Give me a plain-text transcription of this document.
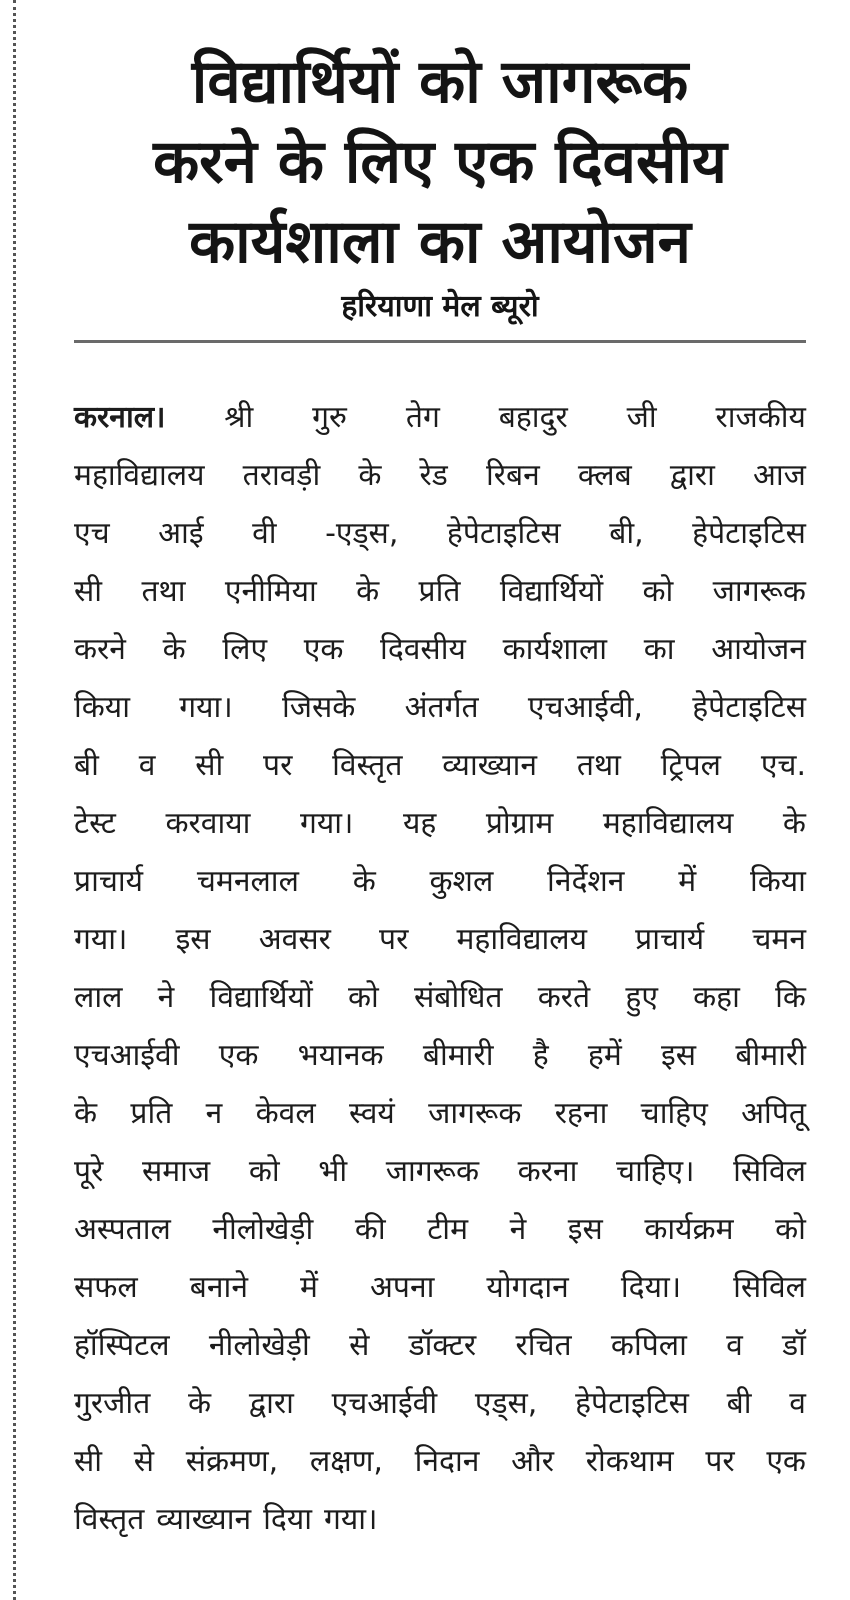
विद्यार्थियों को जागरूक
करने के लिए एक दिवसीय
कार्यशाला का आयोजन
हरियाणा मेल ब्यूरो
करनाल। श्री गुरु तेग बहादुर जी राजकीय
महाविद्यालय तरावड़ी के रेड रिबन क्लब द्वारा आज
एच आई वी -एड्स, हेपेटाइटिस बी, हेपेटाइटिस
सी तथा एनीमिया के प्रति विद्यार्थियों को जागरूक
करने के लिए एक दिवसीय कार्यशाला का आयोजन
किया गया। जिसके अंतर्गत एचआईवी, हेपेटाइटिस
बी व सी पर विस्तृत व्याख्यान तथा ट्रिपल एच.
टेस्ट करवाया गया। यह प्रोग्राम महाविद्यालय के
प्राचार्य चमनलाल के कुशल निर्देशन में किया
गया। इस अवसर पर महाविद्यालय प्राचार्य चमन
लाल ने विद्यार्थियों को संबोधित करते हुए कहा कि
एचआईवी एक भयानक बीमारी है हमें इस बीमारी
के प्रति न केवल स्वयं जागरूक रहना चाहिए अपितू
पूरे समाज को भी जागरूक करना चाहिए। सिविल
अस्पताल नीलोखेड़ी की टीम ने इस कार्यक्रम को
सफल बनाने में अपना योगदान दिया। सिविल
हॉस्पिटल नीलोखेड़ी से डॉक्टर रचित कपिला व डॉ
गुरजीत के द्वारा एचआईवी एड्स, हेपेटाइटिस बी व
सी से संक्रमण, लक्षण, निदान और रोकथाम पर एक
विस्तृत व्याख्यान दिया गया।
